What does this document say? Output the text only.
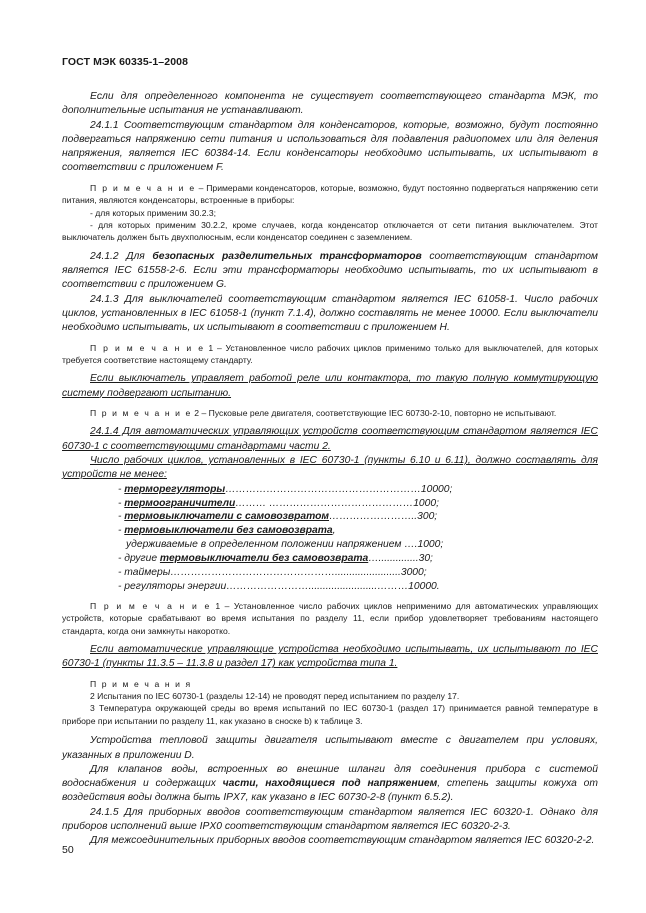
ГОСТ МЭК 60335-1–2008

Если для определенного компонента не существует соответствующего стандарта МЭК, то дополнительные испытания не устанавливают.

24.1.1 Соответствующим стандартом для конденсаторов, которые, возможно, будут постоянно подвергаться напряжению сети питания и использоваться для подавления радиопомех или для деления напряжения, является IEC 60384-14. Если конденсаторы необходимо испытывать, их испытывают в соответствии с приложением F.

П р и м е ч а н и е – Примерами конденсаторов, которые, возможно, будут постоянно подвергаться напряжению сети питания, являются конденсаторы, встроенные в приборы:

- для которых применим 30.2.3;

- для которых применим 30.2.2, кроме случаев, когда конденсатор отключается от сети питания выключателем. Этот выключатель должен быть двухполюсным, если конденсатор соединен с заземлением.

24.1.2 Для безопасных разделительных трансформаторов соответствующим стандартом является IEC 61558-2-6. Если эти трансформаторы необходимо испытывать, то их испытывают в соответствии с приложением G.

24.1.3 Для выключателей соответствующим стандартом является IEC 61058-1. Число рабочих циклов, установленных в IEC 61058-1 (пункт 7.1.4), должно составлять не менее 10000. Если выключатели необходимо испытывать, их испытывают в соответствии с приложением H.

П р и м е ч а н и е 1 – Установленное число рабочих циклов применимо только для выключателей, для которых требуется соответствие настоящему стандарту.

Если выключатель управляет работой реле или контактора, то такую полную коммутирующую систему подвергают испытанию.

П р и м е ч а н и е 2 – Пусковые реле двигателя, соответствующие IEC 60730-2-10, повторно не испытывают.

24.1.4 Для автоматических управляющих устройств соответствующим стандартом является IEC 60730-1 с соответствующими стандартами части 2.

Число рабочих циклов, установленных в IEC 60730-1 (пункты 6.10 и 6.11), должно составлять для устройств не менее:

- терморегуляторы…………………………………………………10000;
- термоограничители……… ……………………………………1000;
- термовыключатели с самовозвратом……………………..300;
- термовыключатели без самовозврата,
удерживаемые в определенном положении напряжением ….1000;
- другие термовыключатели без самовозврата…..............30;
- таймеры………………………………………….......................3000;
- регуляторы энергии……………………........................………10000.

П р и м е ч а н и е 1 – Установленное число рабочих циклов неприменимо для автоматических управляющих устройств, которые срабатывают во время испытания по разделу 11, если прибор удовлетворяет требованиям настоящего стандарта, когда они замкнуты накоротко.

Если автоматические управляющие устройства необходимо испытывать, их испытывают по IEC 60730-1 (пункты 11.3.5 – 11.3.8 и раздел 17) как устройства типа 1.

П р и м е ч а н и я

2 Испытания по IEC 60730-1 (разделы 12-14) не проводят перед испытанием по разделу 17.

3 Температура окружающей среды во время испытаний по IEC 60730-1 (раздел 17) принимается равной температуре в приборе при испытании по разделу 11, как указано в сноске b) к таблице 3.

Устройства тепловой защиты двигателя испытывают вместе с двигателем при условиях, указанных в приложении D.

Для клапанов воды, встроенных во внешние шланги для соединения прибора с системой водоснабжения и содержащих части, находящиеся под напряжением, степень защиты кожуха от воздействия воды должна быть IPX7, как указано в IEC 60730-2-8 (пункт 6.5.2).

24.1.5 Для приборных вводов соответствующим стандартом является IEC 60320-1. Однако для приборов исполнений выше IPX0 соответствующим стандартом является IEC 60320-2-3.

Для межсоединительных приборных вводов соответствующим стандартом является IEC 60320-2-2.

50
